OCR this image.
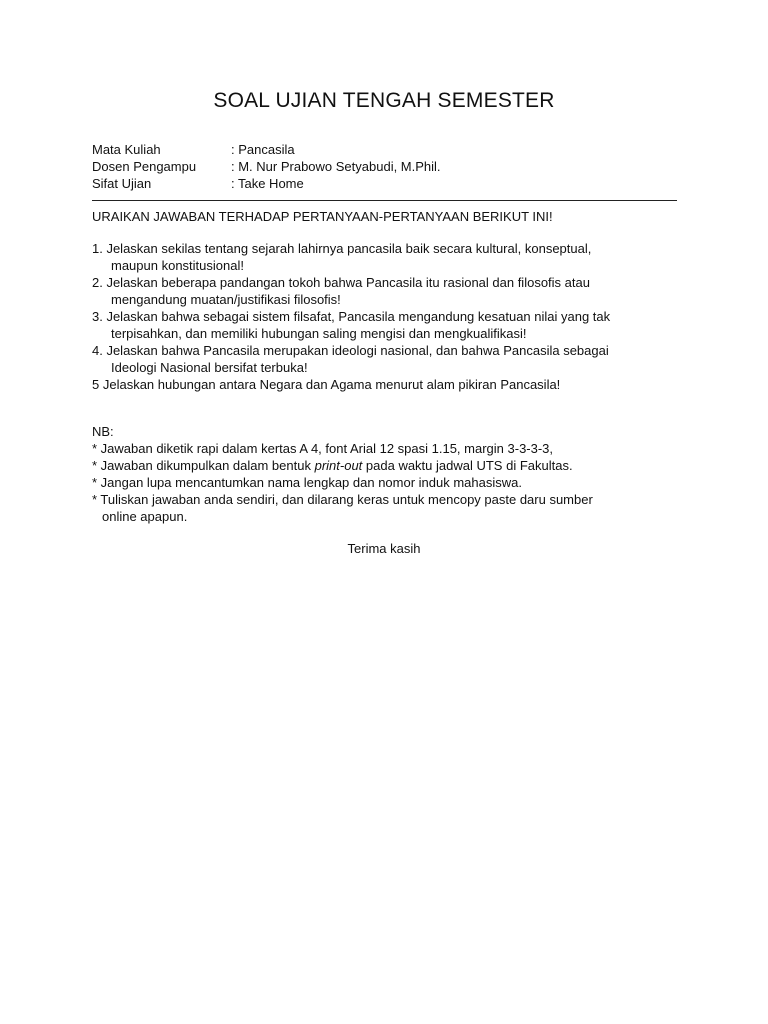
SOAL UJIAN TENGAH SEMESTER
Mata Kuliah	: Pancasila
Dosen Pengampu	: M. Nur Prabowo Setyabudi, M.Phil.
Sifat Ujian	: Take Home
URAIKAN JAWABAN TERHADAP PERTANYAAN-PERTANYAAN BERIKUT INI!
1. Jelaskan sekilas tentang sejarah lahirnya pancasila baik secara kultural, konseptual,
maupun konstitusional!
2. Jelaskan beberapa pandangan tokoh bahwa Pancasila itu rasional dan filosofis atau
mengandung muatan/justifikasi filosofis!
3. Jelaskan bahwa sebagai sistem filsafat, Pancasila mengandung kesatuan nilai yang tak
terpisahkan, dan memiliki hubungan saling mengisi dan mengkualifikasi!
4. Jelaskan bahwa Pancasila merupakan ideologi nasional, dan bahwa Pancasila sebagai
Ideologi Nasional bersifat terbuka!
5 Jelaskan hubungan antara Negara dan Agama menurut alam pikiran Pancasila!
NB:
* Jawaban diketik rapi dalam kertas A 4, font Arial 12 spasi 1.15, margin 3-3-3-3,
* Jawaban dikumpulkan dalam bentuk print-out pada waktu jadwal UTS di Fakultas.
* Jangan lupa mencantumkan nama lengkap dan nomor induk mahasiswa.
* Tuliskan jawaban anda sendiri, dan dilarang keras untuk mencopy paste daru sumber
online apapun.
Terima kasih
